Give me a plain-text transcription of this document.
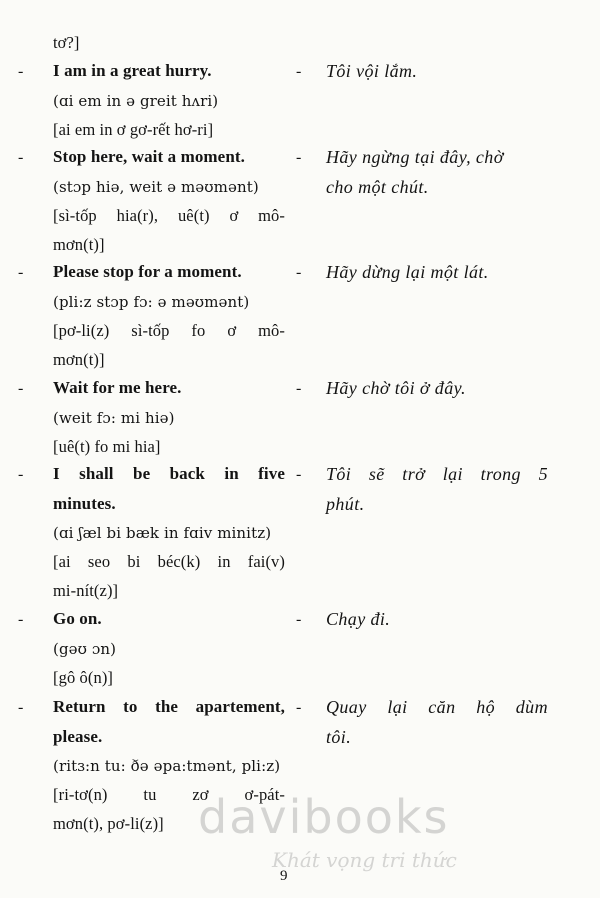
tơ?]
- I am in a great hurry.
(ɑi em in ə greit hʌri)
[ai em in ơ gơ-rết hơ-ri]
- Tôi vội lắm.
- Stop here, wait a moment.
(stɔp hiə, weit ə məʊmənt)
[sì-tốp hia(r), uê(t) ơ mô-
mơn(t)]
- Hãy ngừng tại đây, chờ
cho một chút.
- Please stop for a moment.
(pli:z stɔp fɔ: ə məʊmənt)
[pơ-li(z) sì-tốp fo ơ mô-
mơn(t)]
- Hãy dừng lại một lát.
- Wait for me here.
(weit fɔ: mi hiə)
[uê(t) fo mi hia]
- Hãy chờ tôi ở đây.
- I shall be back in five
minutes.
(ɑi ʃæl bi bæk in fɑiv minitz)
[ai seo bi béc(k) in fai(v)
mi-nít(z)]
- Tôi sẽ trở lại trong 5
phút.
- Go on.
(gəʊ ɔn)
[gô ô(n)]
- Chạy đi.
- Return to the apartement,
please.
(ritɜ:n tu: ðə əpa:tmənt, pli:z)
[ri-tơ(n) tu zơ ơ-pát-
mơn(t), pơ-li(z)]
- Quay lại căn hộ dùm
tôi.
davibooks
Khát vọng tri thức
9
